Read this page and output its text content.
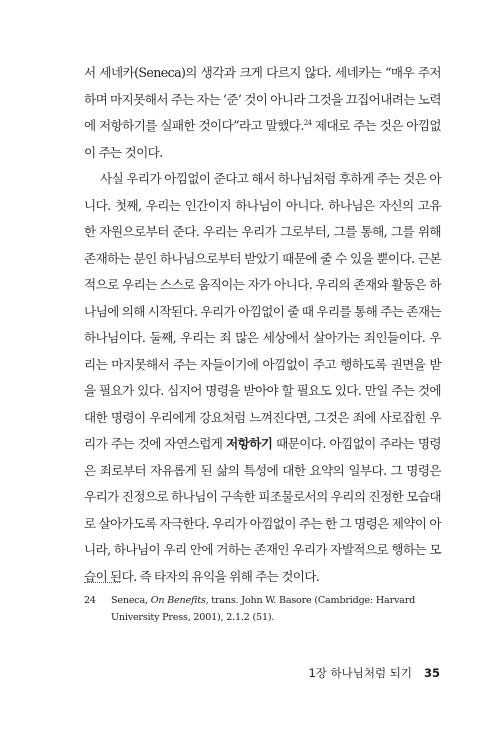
서 세네카(Seneca)의 생각과 크게 다르지 않다. 세네카는 “매우 주저하며 마지못해서 주는 자는 ‘준’ 것이 아니라 그것을 끄집어내려는 노력에 저항하기를 실패한 것이다”라고 말했다.$^{24}$ 제대로 주는 것은 아낌없이 주는 것이다.

사실 우리가 아낌없이 준다고 해서 하나님처럼 후하게 주는 것은 아니다. 첫째, 우리는 인간이지 하나님이 아니다. 하나님은 자신의 고유한 자원으로부터 준다. 우리는 우리가 그로부터, 그를 통해, 그를 위해 존재하는 분인 하나님으로부터 받았기 때문에 줄 수 있을 뿐이다. 근본적으로 우리는 스스로 움직이는 자가 아니다. 우리의 존재와 활동은 하나님에 의해 시작된다. 우리가 아낌없이 줄 때 우리를 통해 주는 존재는 하나님이다. 둘째, 우리는 죄 많은 세상에서 살아가는 죄인들이다. 우리는 마지못해서 주는 자들이기에 아낌없이 주고 행하도록 권면을 받을 필요가 있다. 심지어 명령을 받아야 할 필요도 있다. 만일 주는 것에 대한 명령이 우리에게 강요처럼 느껴진다면, 그것은 죄에 사로잡힌 우리가 주는 것에 자연스럽게 저항하기 때문이다. 아낌없이 주라는 명령은 죄로부터 자유롭게 된 삶의 특성에 대한 요약의 일부다. 그 명령은 우리가 진정으로 하나님이 구속한 피조물로서의 우리의 진정한 모습대로 살아가도록 자극한다. 우리가 아낌없이 주는 한 그 명령은 제약이 아니라, 하나님이 우리 안에 거하는 존재인 우리가 자발적으로 행하는 모습이 된다. 즉 타자의 유익을 위해 주는 것이다.

24 Seneca, On Benefits, trans. John W. Basore (Cambridge: Harvard University Press, 2001), 2.1.2 (51).
1장 하나님처럼 되기 35
